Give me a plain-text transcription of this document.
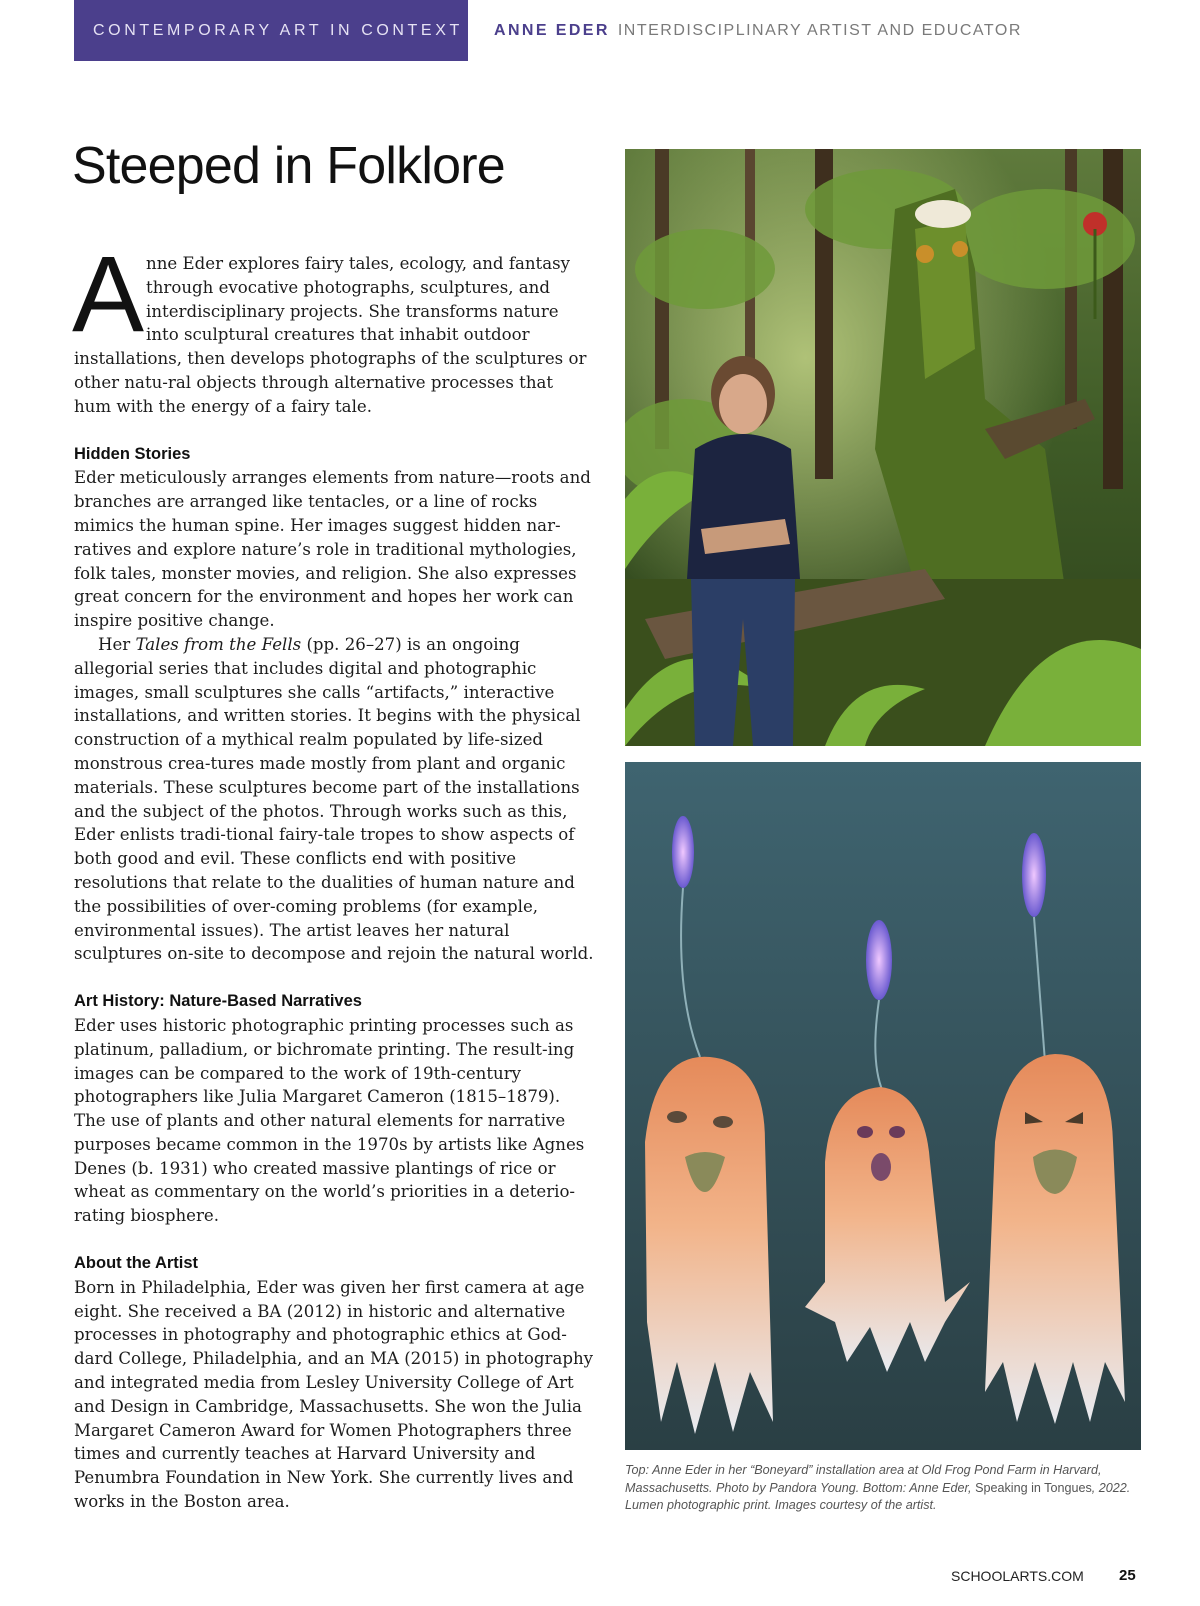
CONTEMPORARY ART IN CONTEXT	ANNE EDER INTERDISCIPLINARY ARTIST AND EDUCATOR
Steeped in Folklore

Anne Eder explores fairy tales, ecology, and fantasy through evocative photographs, sculptures, and interdisciplinary projects. She transforms nature into sculptural creatures that inhabit outdoor installations, then develops photographs of the sculptures or other natu-ral objects through alternative processes that hum with the energy of a fairy tale.

Hidden Stories

Eder meticulously arranges elements from nature—roots and branches are arranged like tentacles, or a line of rocks mimics the human spine. Her images suggest hidden nar-ratives and explore nature’s role in traditional mythologies, folk tales, monster movies, and religion. She also expresses great concern for the environment and hopes her work can inspire positive change.

Her Tales from the Fells (pp. 26–27) is an ongoing allegorial series that includes digital and photographic images, small sculptures she calls “artifacts,” interactive installations, and written stories. It begins with the physical construction of a mythical realm populated by life-sized monstrous crea-tures made mostly from plant and organic materials. These sculptures become part of the installations and the subject of the photos. Through works such as this, Eder enlists tradi-tional fairy-tale tropes to show aspects of both good and evil. These conflicts end with positive resolutions that relate to the dualities of human nature and the possibilities of over-coming problems (for example, environmental issues). The artist leaves her natural sculptures on-site to decompose and rejoin the natural world.

Art History: Nature-Based Narratives

Eder uses historic photographic printing processes such as platinum, palladium, or bichromate printing. The result-ing images can be compared to the work of 19th-century photographers like Julia Margaret Cameron (1815–1879). The use of plants and other natural elements for narrative purposes became common in the 1970s by artists like Agnes Denes (b. 1931) who created massive plantings of rice or wheat as commentary on the world’s priorities in a deterio-rating biosphere.

About the Artist

Born in Philadelphia, Eder was given her first camera at age eight. She received a BA (2012) in historic and alternative processes in photography and photographic ethics at God-dard College, Philadelphia, and an MA (2015) in photography and integrated media from Lesley University College of Art and Design in Cambridge, Massachusetts. She won the Julia Margaret Cameron Award for Women Photographers three times and currently teaches at Harvard University and Penumbra Foundation in New York. She currently lives and works in the Boston area.

Top: Anne Eder in her “Boneyard” installation area at Old Frog Pond Farm in Harvard, Massachusetts. Photo by Pandora Young. Bottom: Anne Eder, Speaking in Tongues, 2022. Lumen photographic print. Images courtesy of the artist.
SCHOOLARTS.COM 25
